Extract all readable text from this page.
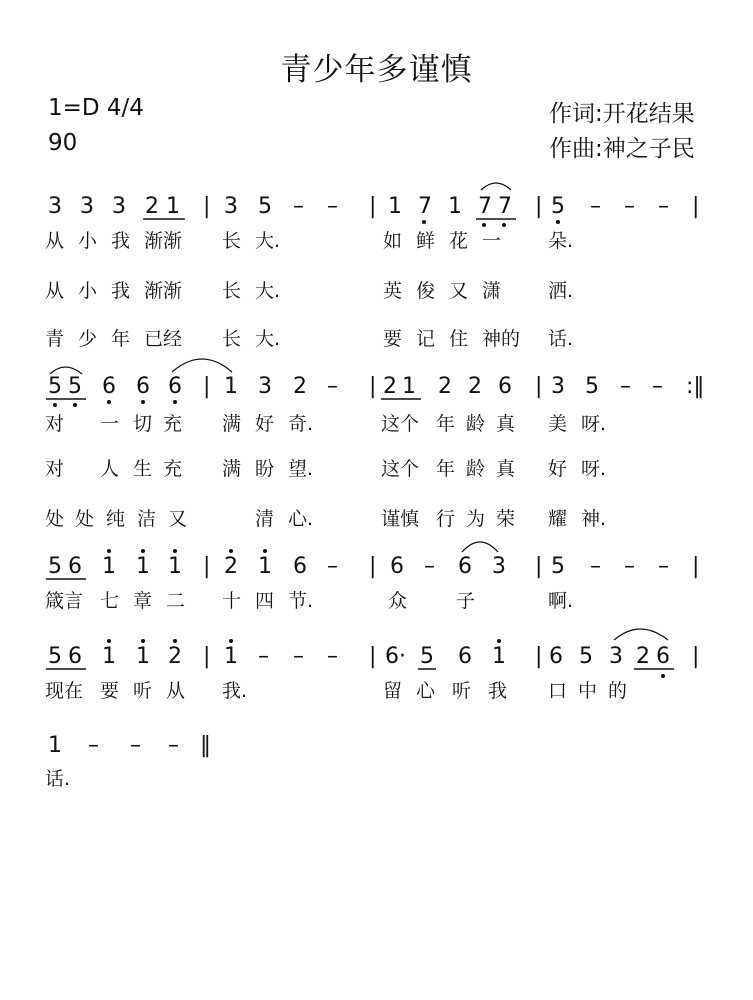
青少年多谨慎
1=D 4/4
90
作词:开花结果
作曲:神之子民
3 3 3 2 1 | 3 5 – – | 1 7 1 7 7 | 5 – – – |
从 小 我 渐渐 长 大.	如 鲜 花 一 朵.
从 小 我 渐渐 长 大.	英 俊 又 潇 洒.
青 少 年 已经 长 大.	要 记 住 神的 话.
5 5 6 6 6 | 1 3 2 – | 2 1 2 2 6 | 3 5 – – :‖
对 一 切 充 满 好 奇.	这个 年 龄 真 美 呀.
对 人 生 充 满 盼 望.	这个 年 龄 真 好 呀.
处 处 纯 洁 又	清 心.	谨慎 行 为 荣 耀 神.
5 6 1 1 1 | 2 1 6 – | 6 – 6 3 | 5 – – – |
箴言 七 章 二 十 四 节.	众	子	啊.
5 6 1 1 2 | 1 – – – | 6· 5 6 1 | 6 5 3 2 6 |
现在 要 听 从 我.	留 心 听 我 口 中 的
1 – – – ‖
话.
